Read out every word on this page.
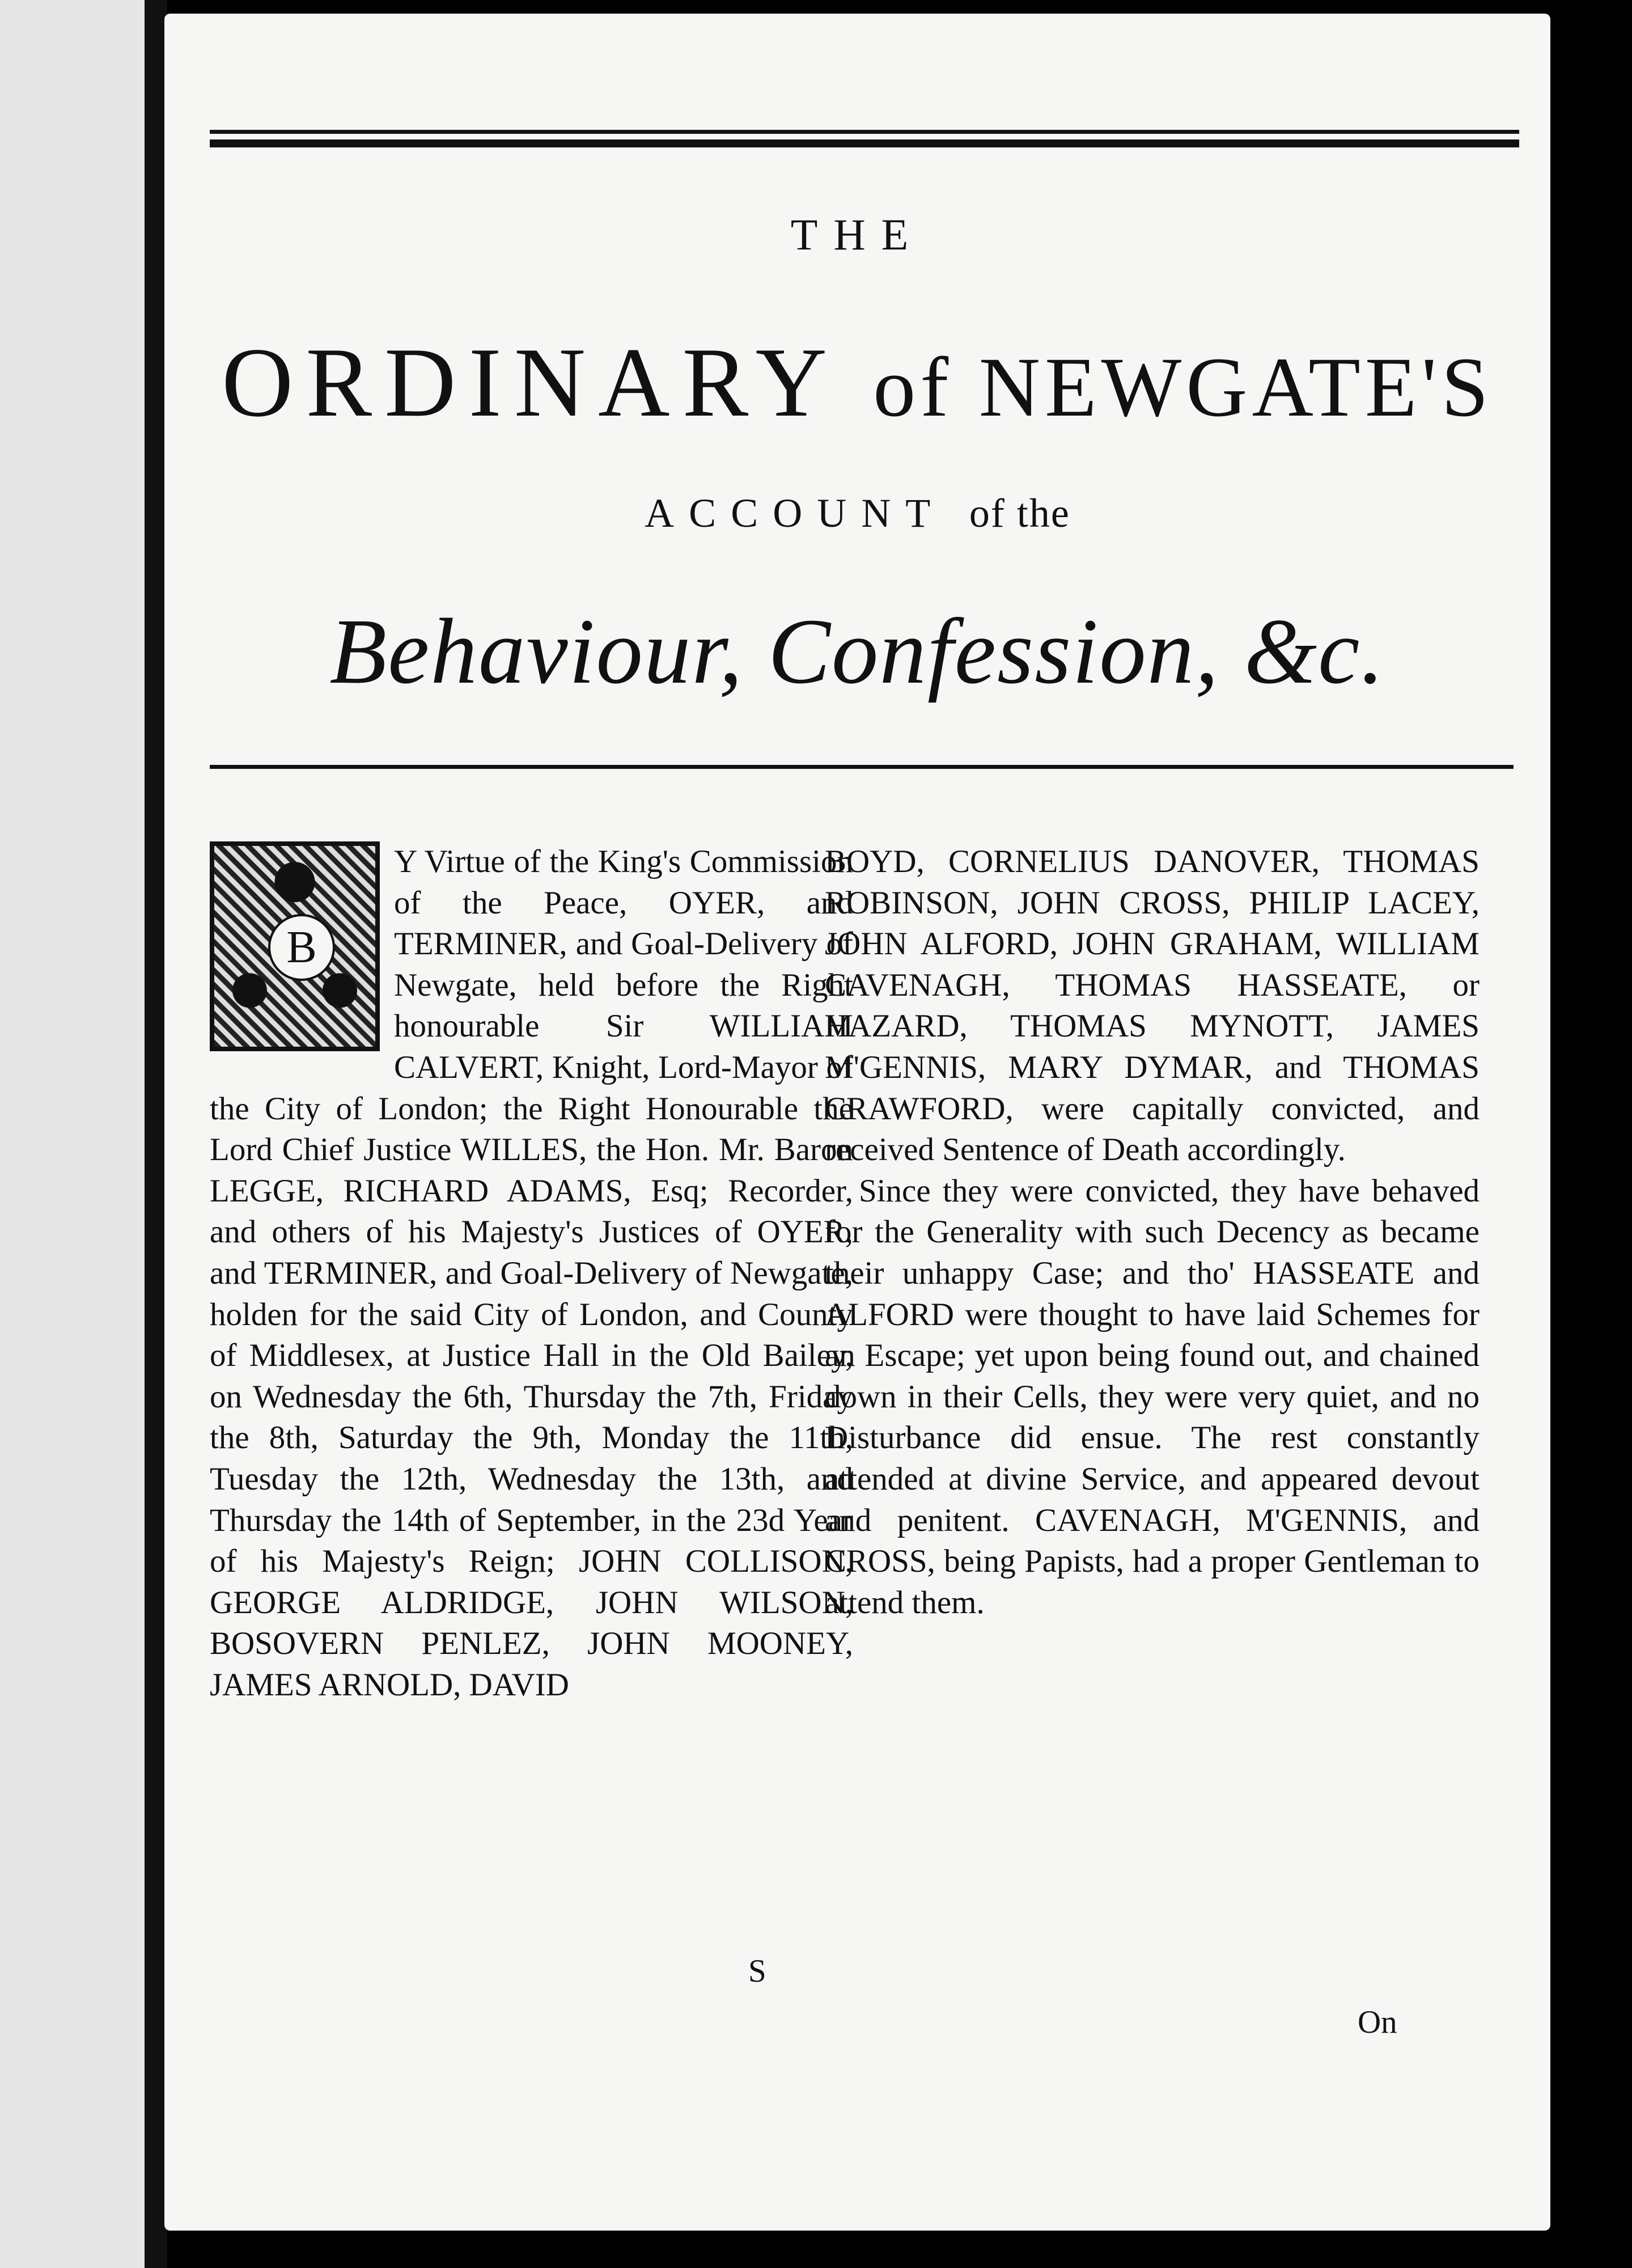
THE
ORDINARY of NEWGATE'S
ACCOUNT of the
Behaviour, Confession, &c.
B
Y Virtue of the King's Commission of the Peace, OYER, and TERMINER, and Goal-Delivery of Newgate, held before the Right honourable Sir WILLIAM CALVERT, Knight, Lord-Mayor of the City of London; the Right Honourable the Lord Chief Justice WILLES, the Hon. Mr. Baron LEGGE, RICHARD ADAMS, Esq; Recorder, and others of his Majesty's Justices of OYER, and TERMINER, and Goal-Delivery of Newgate, holden for the said City of London, and County of Middlesex, at Justice Hall in the Old Bailey, on Wednesday the 6th, Thursday the 7th, Friday the 8th, Saturday the 9th, Monday the 11th, Tuesday the 12th, Wednesday the 13th, and Thursday the 14th of September, in the 23d Year of his Majesty's Reign; JOHN COLLISON, GEORGE ALDRIDGE, JOHN WILSON, BOSOVERN PENLEZ, JOHN MOONEY, JAMES ARNOLD, DAVID
BOYD, CORNELIUS DANOVER, THOMAS ROBINSON, JOHN CROSS, PHILIP LACEY, JOHN ALFORD, JOHN GRAHAM, WILLIAM CAVENAGH, THOMAS HASSEATE, or HAZARD, THOMAS MYNOTT, JAMES M'GENNIS, MARY DYMAR, and THOMAS CRAWFORD, were capitally convicted, and received Sentence of Death accordingly.
Since they were convicted, they have behaved for the Generality with such Decency as became their unhappy Case; and tho' HASSEATE and ALFORD were thought to have laid Schemes for an Escape; yet upon being found out, and chained down in their Cells, they were very quiet, and no Disturbance did ensue. The rest constantly attended at divine Service, and appeared devout and penitent. CAVENAGH, M'GENNIS, and CROSS, being Papists, had a proper Gentleman to attend them.
S
On
